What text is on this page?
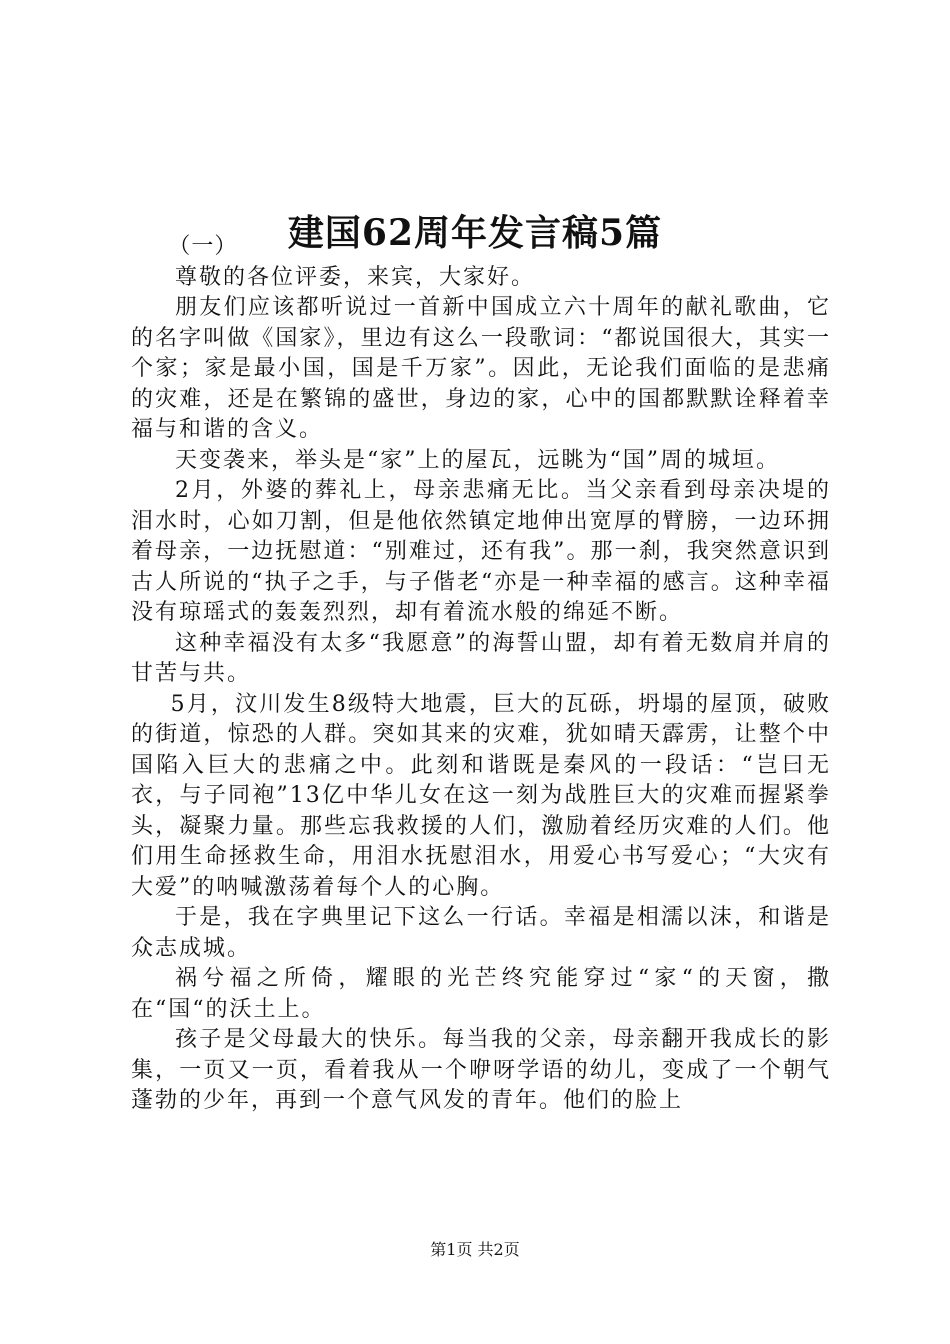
建国62周年发言稿5篇

（一）

尊敬的各位评委，来宾，大家好。

朋友们应该都听说过一首新中国成立六十周年的献礼歌曲，它的名字叫做《国家》，里边有这么一段歌词：“都说国很大，其实一个家；家是最小国，国是千万家”。因此，无论我们面临的是悲痛的灾难，还是在繁锦的盛世，身边的家，心中的国都默默诠释着幸福与和谐的含义。

天变袭来，举头是“家”上的屋瓦，远眺为“国”周的城垣。

2月，外婆的葬礼上，母亲悲痛无比。当父亲看到母亲决堤的泪水时，心如刀割，但是他依然镇定地伸出宽厚的臂膀，一边环拥着母亲，一边抚慰道：“别难过，还有我”。那一刹，我突然意识到古人所说的“执子之手，与子偕老“亦是一种幸福的感言。这种幸福没有琼瑶式的轰轰烈烈，却有着流水般的绵延不断。

这种幸福没有太多“我愿意”的海誓山盟，却有着无数肩并肩的甘苦与共。

5月，汶川发生8级特大地震，巨大的瓦砾，坍塌的屋顶，破败的街道，惊恐的人群。突如其来的灾难，犹如晴天霹雳，让整个中国陷入巨大的悲痛之中。此刻和谐既是秦风的一段话：“岂曰无衣，与子同袍”13亿中华儿女在这一刻为战胜巨大的灾难而握紧拳头，凝聚力量。那些忘我救援的人们，激励着经历灾难的人们。他们用生命拯救生命，用泪水抚慰泪水，用爱心书写爱心；“大灾有大爱”的呐喊激荡着每个人的心胸。

于是，我在字典里记下这么一行话。幸福是相濡以沫，和谐是众志成城。

祸兮福之所倚，耀眼的光芒终究能穿过“家“的天窗，撒在“国“的沃土上。

孩子是父母最大的快乐。每当我的父亲，母亲翻开我成长的影集，一页又一页，看着我从一个咿呀学语的幼儿，变成了一个朝气蓬勃的少年，再到一个意气风发的青年。他们的脸上

第1页 共2页
